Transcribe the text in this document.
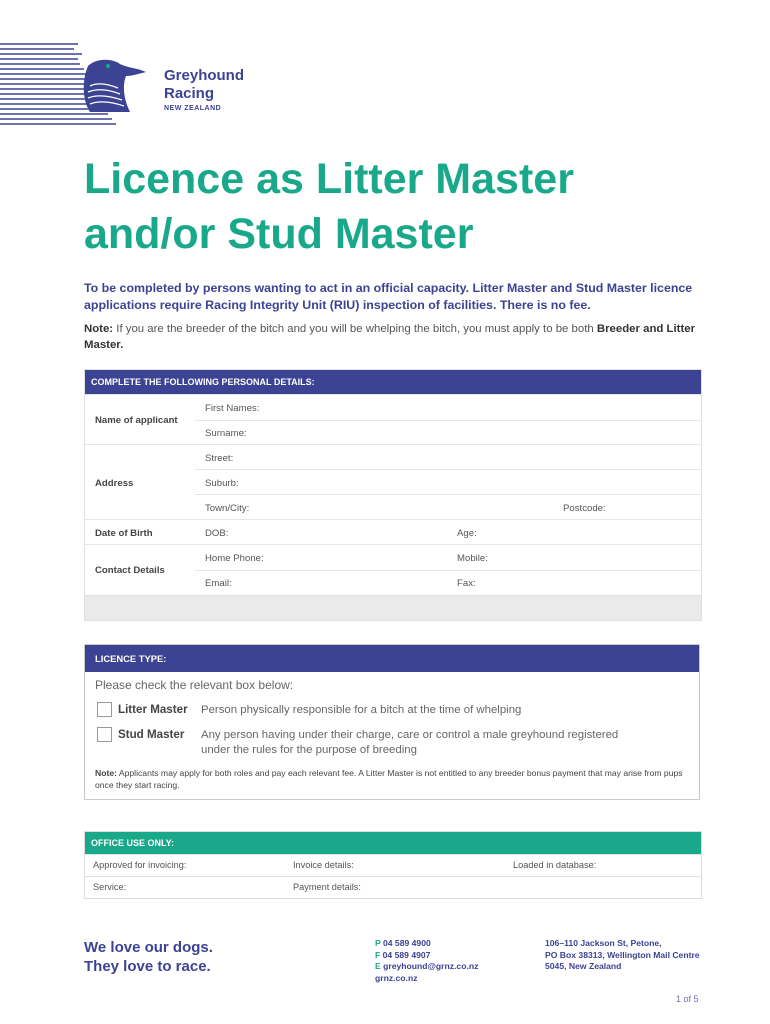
Greyhound
Racing
NEW ZEALAND
Licence as Litter Master
and/or Stud Master
To be completed by persons wanting to act in an official capacity. Litter Master and Stud Master licence applications require Racing Integrity Unit (RIU) inspection of facilities. There is no fee.
Note: If you are the breeder of the bitch and you will be whelping the bitch, you must apply to be both Breeder and Litter Master.
COMPLETE THE FOLLOWING PERSONAL DETAILS:
Name of applicant
First Names:
Surname:
Address
Street:
Suburb:
Town/City:	Postcode:
Date of Birth	DOB:	Age:
Contact Details
Home Phone:	Mobile:
Email:	Fax:
LICENCE TYPE:
Please check the relevant box below:
Litter Master Person physically responsible for a bitch at the time of whelping
Stud Master Any person having under their charge, care or control a male greyhound registered
under the rules for the purpose of breeding
Note: Applicants may apply for both roles and pay each relevant fee. A Litter Master is not entitled to any breeder bonus payment that may arise from pups once they start racing.
OFFICE USE ONLY:
Approved for invoicing:	Invoice details:	Loaded in database:
Service:	Payment details:
We love our dogs.
They love to race.
P 04 589 4900
F 04 589 4907
E greyhound@grnz.co.nz
grnz.co.nz
106–110 Jackson St, Petone,
PO Box 38313, Wellington Mail Centre
5045, New Zealand
1 of 5
